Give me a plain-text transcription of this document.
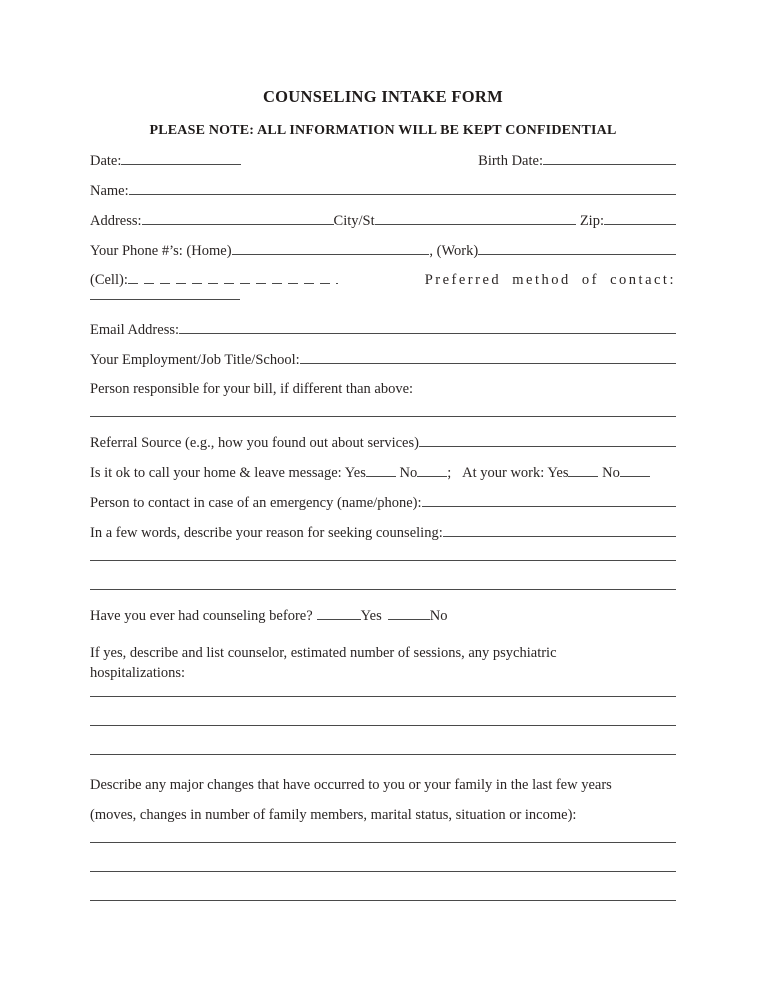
COUNSELING INTAKE FORM
PLEASE NOTE: ALL INFORMATION WILL BE KEPT CONFIDENTIAL
Date:	Birth Date:
Name:
Address:	City/St	Zip:
Your Phone #’s: (Home)	, (Work)
(Cell):	Preferred method of contact:
Email Address:
Your Employment/Job Title/School:
Person responsible for your bill, if different than above:
Referral Source (e.g., how you found out about services)
Is it ok to call your home & leave message: Yes No ;   At your work: Yes No
Person to contact in case of an emergency (name/phone):
In a few words, describe your reason for seeking counseling:
Have you ever had counseling before?	Yes	No
If yes, describe and list counselor, estimated number of sessions, any psychiatric hospitalizations:
Describe any major changes that have occurred to you or your family in the last few years
(moves, changes in number of family members, marital status, situation or income):
